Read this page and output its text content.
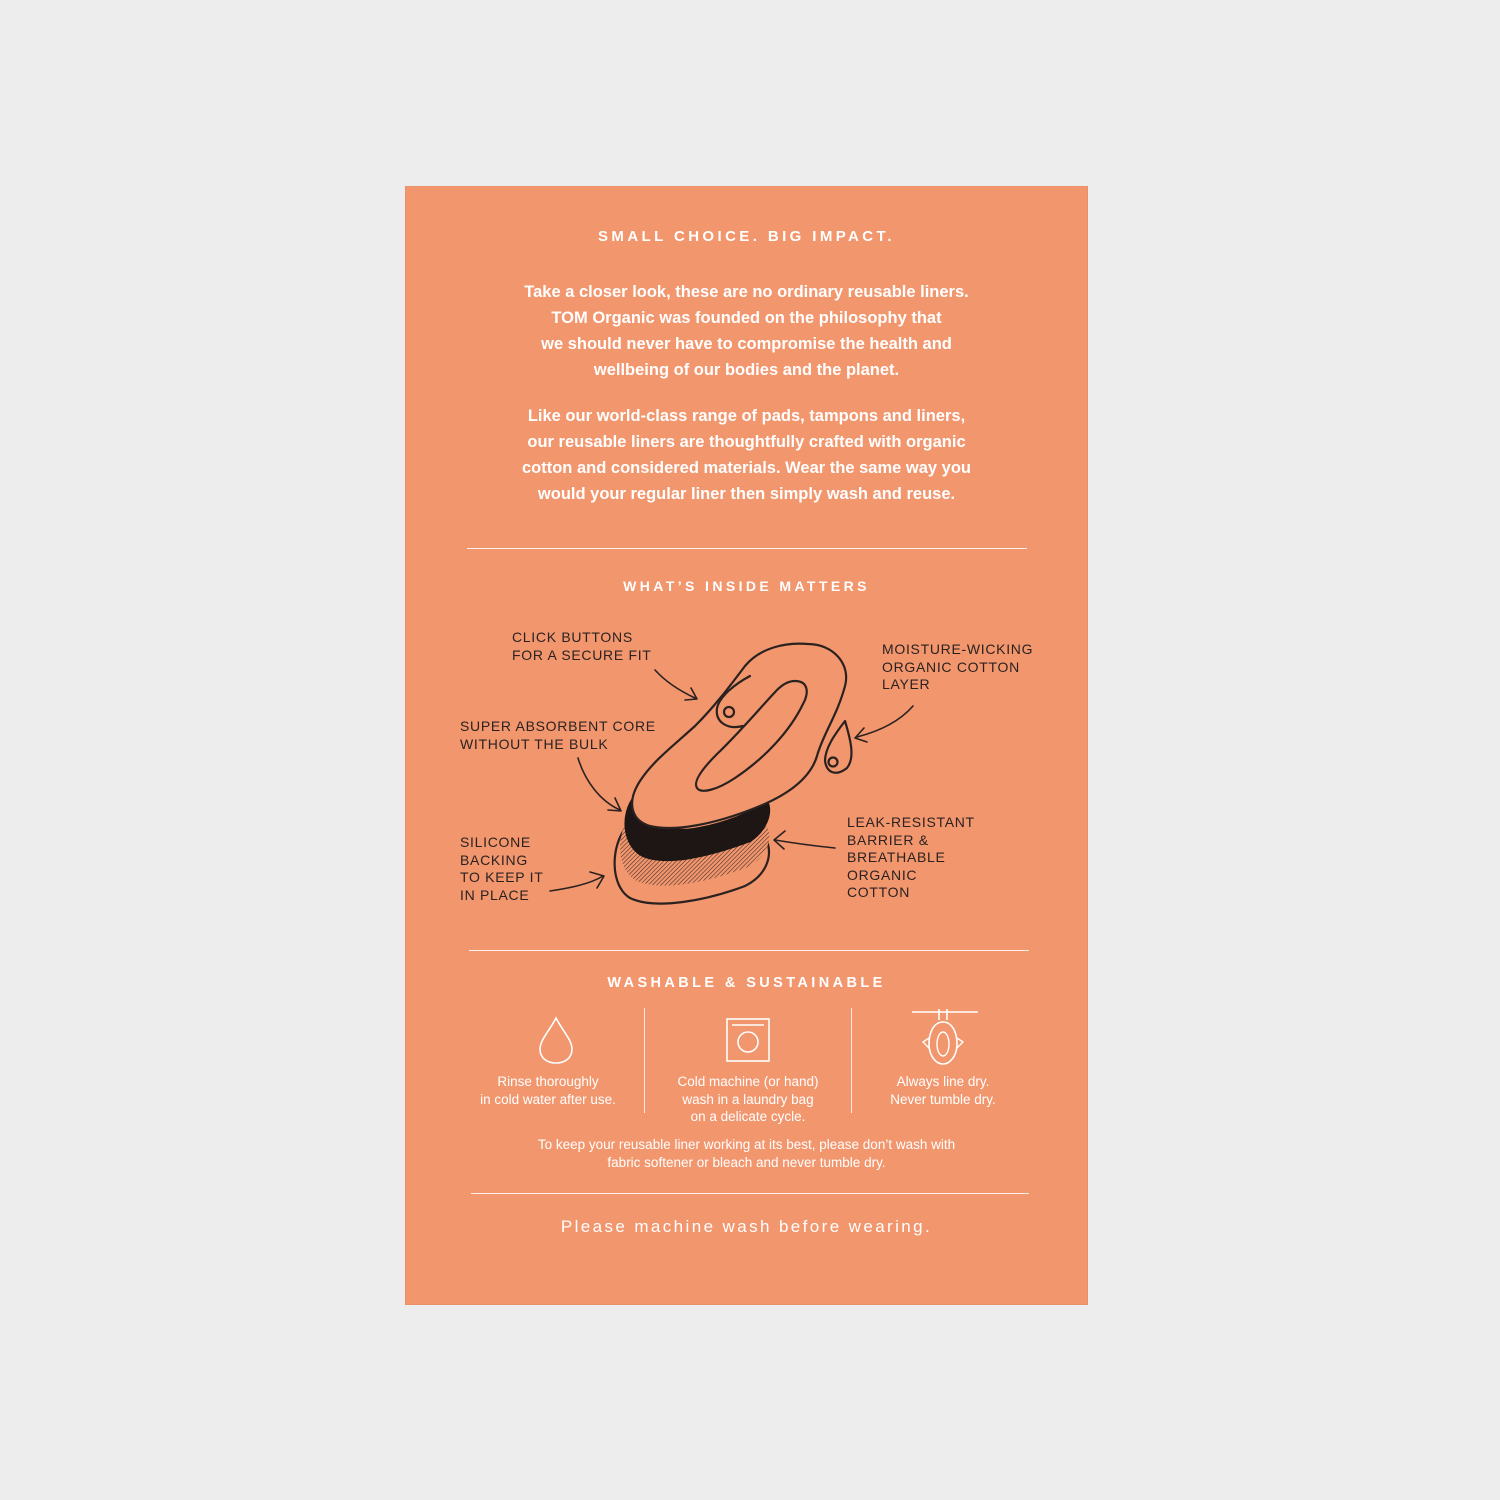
SMALL CHOICE. BIG IMPACT.

Take a closer look, these are no ordinary reusable liners.
TOM Organic was founded on the philosophy that
we should never have to compromise the health and
wellbeing of our bodies and the planet.
Like our world-class range of pads, tampons and liners,
our reusable liners are thoughtfully crafted with organic
cotton and considered materials. Wear the same way you
would your regular liner then simply wash and reuse.

WHAT’S INSIDE MATTERS

CLICK BUTTONS
FOR A SECURE FIT	MOISTURE-WICKING
ORGANIC COTTON
LAYER
SUPER ABSORBENT CORE
WITHOUT THE BULK
LEAK-RESISTANT
BARRIER &
BREATHABLE
ORGANIC
COTTON
SILICONE
BACKING
TO KEEP IT
IN PLACE

WASHABLE & SUSTAINABLE

Rinse thoroughly
in cold water after use.
Cold machine (or hand)
wash in a laundry bag
on a delicate cycle.
Always line dry.
Never tumble dry.
To keep your reusable liner working at its best, please don’t wash with
fabric softener or bleach and never tumble dry.

Please machine wash before wearing.
